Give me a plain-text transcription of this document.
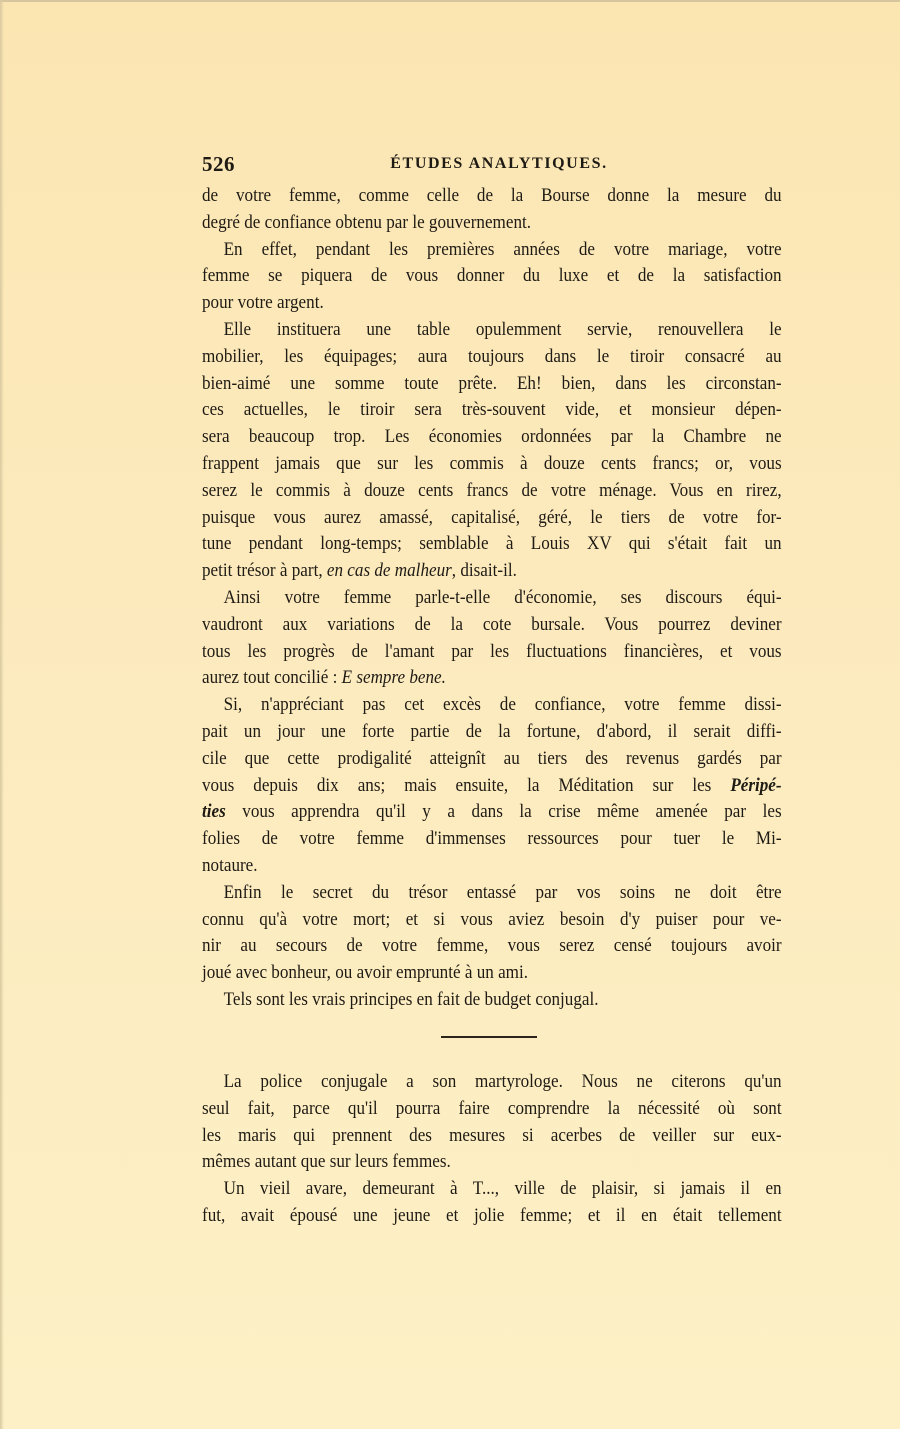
526	ÉTUDES ANALYTIQUES.
de votre femme, comme celle de la Bourse donne la mesure du
degré de confiance obtenu par le gouvernement.
En effet, pendant les premières années de votre mariage, votre
femme se piquera de vous donner du luxe et de la satisfaction
pour votre argent.
Elle instituera une table opulemment servie, renouvellera le
mobilier, les équipages; aura toujours dans le tiroir consacré au
bien-aimé une somme toute prête. Eh! bien, dans les circonstan-
ces actuelles, le tiroir sera très-souvent vide, et monsieur dépen-
sera beaucoup trop. Les économies ordonnées par la Chambre ne
frappent jamais que sur les commis à douze cents francs; or, vous
serez le commis à douze cents francs de votre ménage. Vous en rirez,
puisque vous aurez amassé, capitalisé, géré, le tiers de votre for-
tune pendant long-temps; semblable à Louis XV qui s'était fait un
petit trésor à part, en cas de malheur, disait-il.
Ainsi votre femme parle-t-elle d'économie, ses discours équi-
vaudront aux variations de la cote bursale. Vous pourrez deviner
tous les progrès de l'amant par les fluctuations financières, et vous
aurez tout concilié : E sempre bene.
Si, n'appréciant pas cet excès de confiance, votre femme dissi-
pait un jour une forte partie de la fortune, d'abord, il serait diffi-
cile que cette prodigalité atteignît au tiers des revenus gardés par
vous depuis dix ans; mais ensuite, la Méditation sur les Péripé-
ties vous apprendra qu'il y a dans la crise même amenée par les
folies de votre femme d'immenses ressources pour tuer le Mi-
notaure.
Enfin le secret du trésor entassé par vos soins ne doit être
connu qu'à votre mort; et si vous aviez besoin d'y puiser pour ve-
nir au secours de votre femme, vous serez censé toujours avoir
joué avec bonheur, ou avoir emprunté à un ami.
Tels sont les vrais principes en fait de budget conjugal.
La police conjugale a son martyrologe. Nous ne citerons qu'un
seul fait, parce qu'il pourra faire comprendre la nécessité où sont
les maris qui prennent des mesures si acerbes de veiller sur eux-
mêmes autant que sur leurs femmes.
Un vieil avare, demeurant à T..., ville de plaisir, si jamais il en
fut, avait épousé une jeune et jolie femme; et il en était tellement
